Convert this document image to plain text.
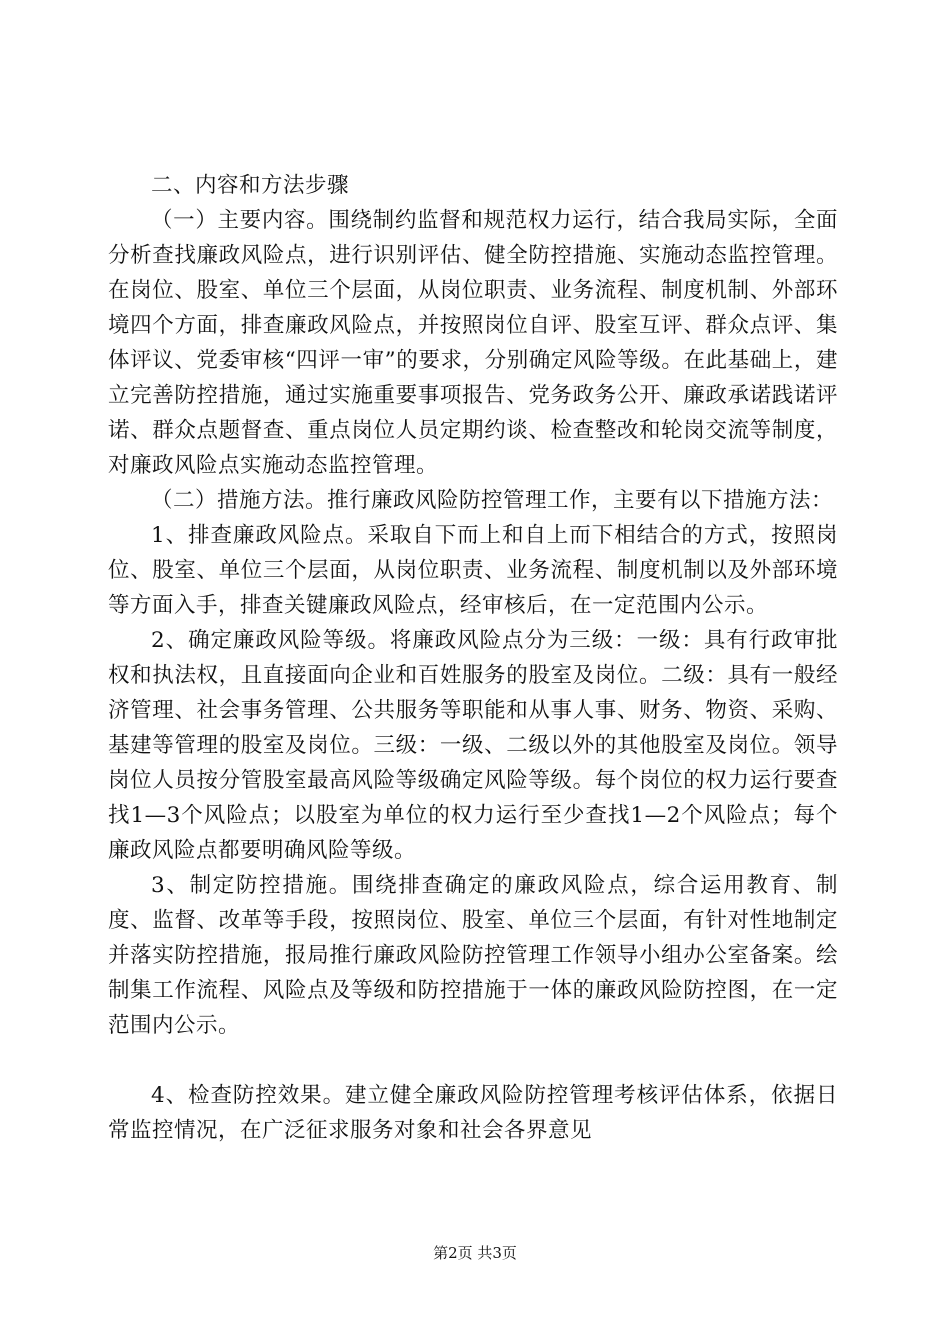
二、内容和方法步骤

（一）主要内容。围绕制约监督和规范权力运行，结合我局实际，全面分析查找廉政风险点，进行识别评估、健全防控措施、实施动态监控管理。在岗位、股室、单位三个层面，从岗位职责、业务流程、制度机制、外部环境四个方面，排查廉政风险点，并按照岗位自评、股室互评、群众点评、集体评议、党委审核“四评一审”的要求，分别确定风险等级。在此基础上，建立完善防控措施，通过实施重要事项报告、党务政务公开、廉政承诺践诺评诺、群众点题督查、重点岗位人员定期约谈、检查整改和轮岗交流等制度，对廉政风险点实施动态监控管理。

（二）措施方法。推行廉政风险防控管理工作，主要有以下措施方法：

1、排查廉政风险点。采取自下而上和自上而下相结合的方式，按照岗位、股室、单位三个层面，从岗位职责、业务流程、制度机制以及外部环境等方面入手，排查关键廉政风险点，经审核后，在一定范围内公示。

2、确定廉政风险等级。将廉政风险点分为三级：一级：具有行政审批权和执法权，且直接面向企业和百姓服务的股室及岗位。二级：具有一般经济管理、社会事务管理、公共服务等职能和从事人事、财务、物资、采购、基建等管理的股室及岗位。三级：一级、二级以外的其他股室及岗位。领导岗位人员按分管股室最高风险等级确定风险等级。每个岗位的权力运行要查找1—3个风险点；以股室为单位的权力运行至少查找1—2个风险点；每个廉政风险点都要明确风险等级。

3、制定防控措施。围绕排查确定的廉政风险点，综合运用教育、制度、监督、改革等手段，按照岗位、股室、单位三个层面，有针对性地制定并落实防控措施，报局推行廉政风险防控管理工作领导小组办公室备案。绘制集工作流程、风险点及等级和防控措施于一体的廉政风险防控图，在一定范围内公示。

4、检查防控效果。建立健全廉政风险防控管理考核评估体系，依据日常监控情况，在广泛征求服务对象和社会各界意见

第2页 共3页
